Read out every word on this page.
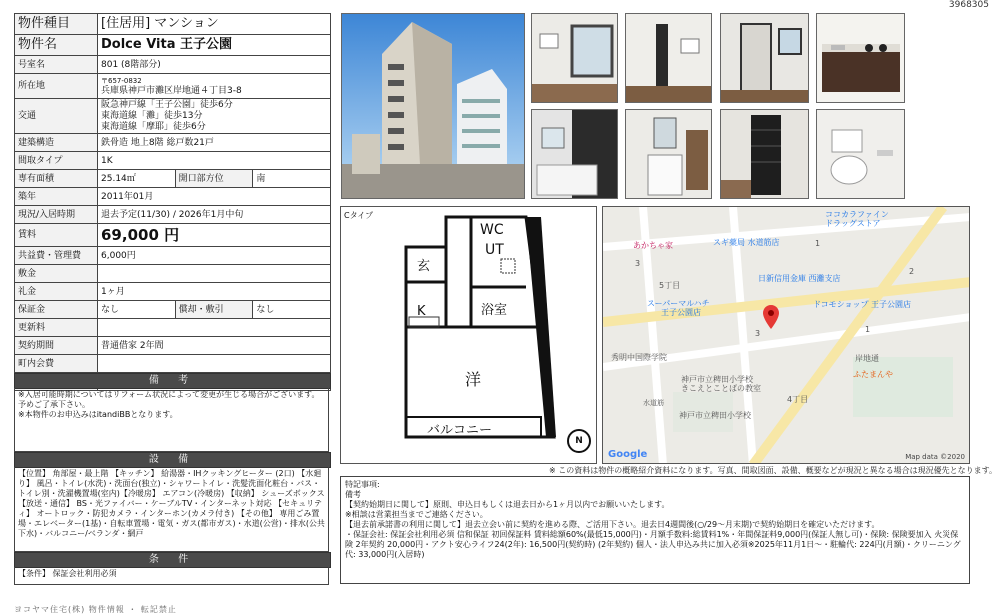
3968305
物件種目	[住居用] マンション		
物件名	Dolce Vita 王子公園		
号室名	801 (8階部分)		
所在地	〒657-0832
兵庫県神戸市灘区岸地通４丁目3-8		
交通	阪急神戸線「王子公園」徒歩6分
東海道線「灘」徒歩13分
東海道線「摩耶」徒歩6分		

建築構造	鉄骨造 地上8階 総戸数21戸		
間取タイプ	1K		
専有面積	25.14㎡	開口部方位	南
築年	2011年01月		
現況/入居時期	退去予定(11/30) / 2026年1月中旬		
賃料	69,000 円		
共益費・管理費	6,000円		
敷金			
礼金	1ヶ月		
保証金	なし	償却・敷引	なし
更新料			
契約期間	普通借家 2年間		
町内会費			

備 考
※入居可能時期についてはリフォーム状況によって変更が生じる場合がございます。予めご了承下さい。
※本物件のお申込みはitandiBBとなります。
設 備
【位置】 角部屋・最上階 【キッチン】 給湯器・IHクッキングヒーター (2口) 【水廻り】 風呂・トイレ(水洗)・洗面台(独立)・シャワートイレ・洗髪洗面化粧台・バス・トイレ別・洗濯機置場(室内)【冷暖房】 エアコン(冷暖房) 【収納】 シューズボックス 【放送・通信】 BS・光ファイバー・ケーブルTV・インターネット対応 【セキュリティ】 オートロック・防犯カメラ・インターホン(カメラ付き) 【その他】 専用ごみ置場・エレベーター(1基)・自転車置場・電気・ガス(都市ガス)・水道(公営)・排水(公共下水)・バルコニー/ベランダ・網戸
条 件
【条件】 保証会社利用必須
Cタイプ
WC
UT
玄
浴室
K
洋
バルコニー
N
ココカラファイン
ドラッグストア
あかちゃ家	スギ薬局 水道筋店
日新信用金庫 西灘支店
5丁目
スーパーマルハチ
王子公園店
ドコモショップ 王子公園店
秀明中国際学院	岸地通
神戸市立稗田小学校
きこえとことばの教室
水道筋
神戸市立稗田小学校
ふたまんや
4丁目
3
3
1
1
2
Google	Map data ©2020
※ この資料は物件の概略紹介資料になります。写真、間取図面、設備、概要などが現況と異なる場合は現況優先となります。
特記事項:
備考
【契約始期日に関して】原則、申込日もしくは退去日から1ヶ月以内でお願いいたします。
※相談は営業担当までご連絡ください。
【退去前承諾書の利用に関して】退去立会い前に契約を進める際、ご活用下さい。退去日4週間後(○/29〜月末期)で契約始期日を確定いただけます。
・保証会社: 保証会社利用必須 信和保証 初回保証料 賃料総額60%(最低15,000円)・月額手数料:総賃料1%・年間保証料9,000円(保証人無し可)・保険: 保険要加入 火災保険 2年契約 20,000円・アクト安心ライフ24(2年): 16,500円(契約時) (2年契約) 個人・法人申込み共に加入必須※2025年11月1日〜・駐輪代: 224円(月額)・クリーニング代: 33,000円(入居時)
ヨコヤマ住宅(株) 物件情報 ・ 転記禁止
